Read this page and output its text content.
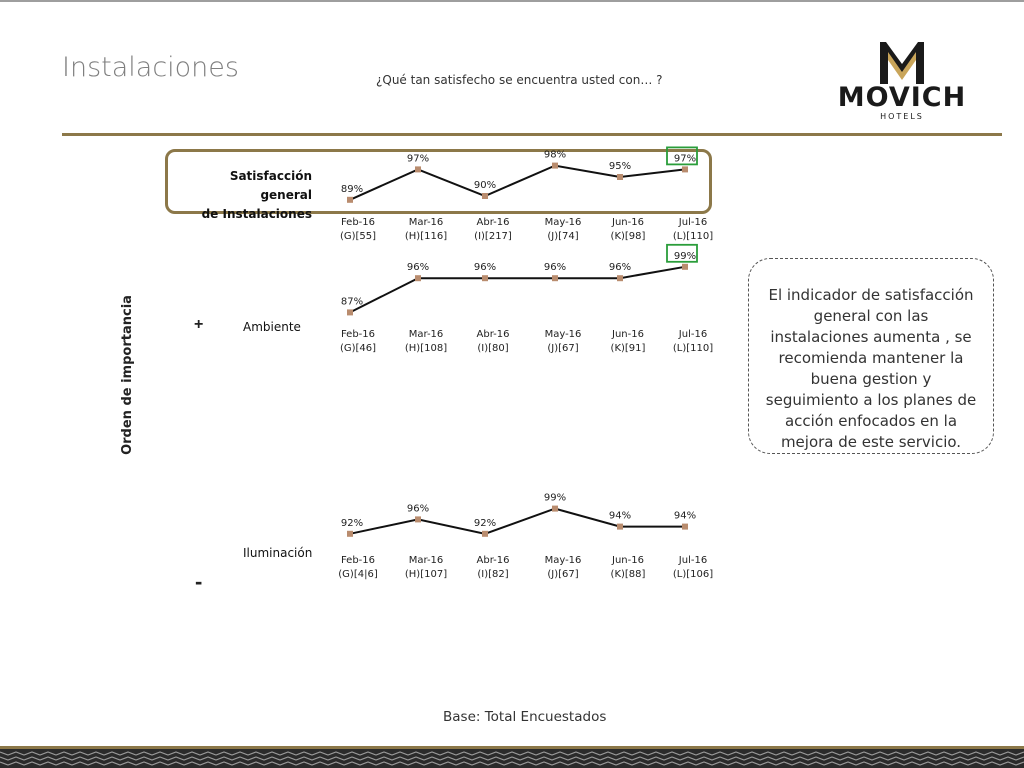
Instalaciones	¿Qué tan satisfecho se encuentra usted con… ?
MOVICH
HOTELS
Satisfacción general
de Instalaciones
Ambiente
Iluminación
+
Orden de importancia
-
89%
Feb-16
(G)[55]
97%
Mar-16
(H)[116]
90%
Abr-16
(I)[217]
98%
May-16
(J)[74]
95%
Jun-16
(K)[98]
97%
Jul-16
(L)[110]
87%
Feb-16
(G)[46]
96%
Mar-16
(H)[108]
96%
Abr-16
(I)[80]
96%
May-16
(J)[67]
96%
Jun-16
(K)[91]
99%
Jul-16
(L)[110]
92%
Feb-16
(G)[4|6]
96%
Mar-16
(H)[107]
92%
Abr-16
(I)[82]
99%
May-16
(J)[67]
94%
Jun-16
(K)[88]
94%
Jul-16
(L)[106]
El indicador de satisfacción general con las instalaciones aumenta , se recomienda mantener la buena gestion y seguimiento a los planes de acción enfocados en la mejora de este servicio.
Base: Total Encuestados
